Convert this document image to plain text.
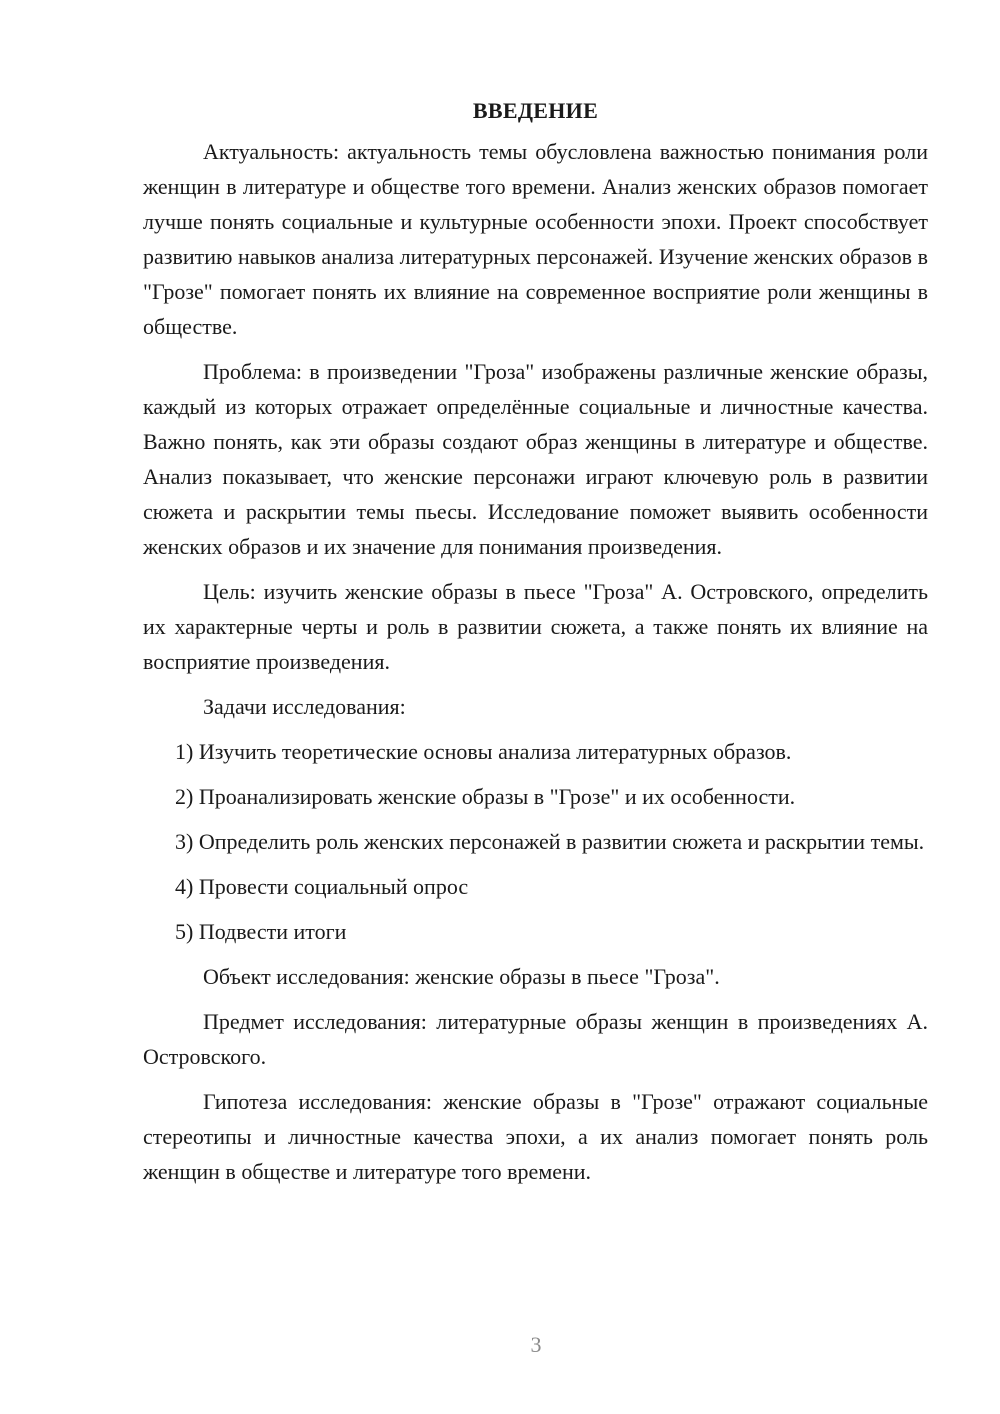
ВВЕДЕНИЕ

Актуальность: актуальность темы обусловлена важностью понимания роли женщин в литературе и обществе того времени. Анализ женских образов помогает лучше понять социальные и культурные особенности эпохи. Проект способствует развитию навыков анализа литературных персонажей. Изучение женских образов в "Грозе" помогает понять их влияние на современное восприятие роли женщины в обществе.

Проблема: в произведении "Гроза" изображены различные женские образы, каждый из которых отражает определённые социальные и личностные качества. Важно понять, как эти образы создают образ женщины в литературе и обществе. Анализ показывает, что женские персонажи играют ключевую роль в развитии сюжета и раскрытии темы пьесы. Исследование поможет выявить особенности женских образов и их значение для понимания произведения.

Цель: изучить женские образы в пьесе "Гроза" А. Островского, определить их характерные черты и роль в развитии сюжета, а также понять их влияние на восприятие произведения.

Задачи исследования:

1) Изучить теоретические основы анализа литературных образов.

2) Проанализировать женские образы в "Грозе" и их особенности.

3) Определить роль женских персонажей в развитии сюжета и раскрытии темы.

4) Провести социальный опрос

5) Подвести итоги

Объект исследования: женские образы в пьесе "Гроза".

Предмет исследования: литературные образы женщин в произведениях А. Островского.

Гипотеза исследования: женские образы в "Грозе" отражают социальные стереотипы и личностные качества эпохи, а их анализ помогает понять роль женщин в обществе и литературе того времени.

3
